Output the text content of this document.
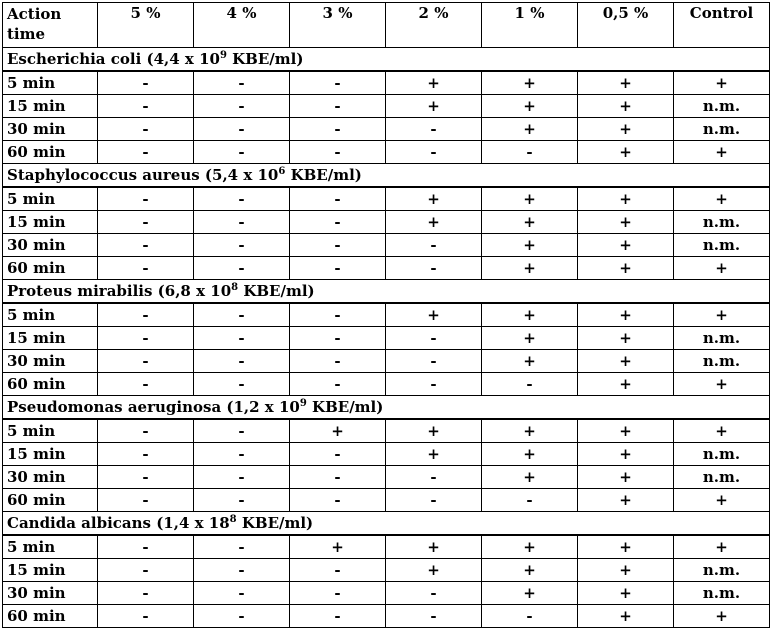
Action time	5 %	4 %	3 %	2 %	1 %	0,5 %	Control
Escherichia coli (4,4 x $10^9$ KBE/ml)							
5 min	-	-	-	+	+	+	+
15 min	-	-	-	+	+	+	n.m.
30 min	-	-	-	-	+	+	n.m.
60 min	-	-	-	-	-	+	+
Staphylococcus aureus (5,4 x $10^6$ KBE/ml)							
5 min	-	-	-	+	+	+	+
15 min	-	-	-	+	+	+	n.m.
30 min	-	-	-	-	+	+	n.m.
60 min	-	-	-	-	+	+	+
Proteus mirabilis (6,8 x $10^8$ KBE/ml)							
5 min	-	-	-	+	+	+	+
15 min	-	-	-	-	+	+	n.m.
30 min	-	-	-	-	+	+	n.m.
60 min	-	-	-	-	-	+	+
Pseudomonas aeruginosa (1,2 x $10^9$ KBE/ml)							
5 min	-	-	+	+	+	+	+
15 min	-	-	-	+	+	+	n.m.
30 min	-	-	-	-	+	+	n.m.
60 min	-	-	-	-	-	+	+
Candida albicans (1,4 x $18^8$ KBE/ml)							
5 min	-	-	+	+	+	+	+
15 min	-	-	-	+	+	+	n.m.
30 min	-	-	-	-	+	+	n.m.
60 min	-	-	-	-	-	+	+
